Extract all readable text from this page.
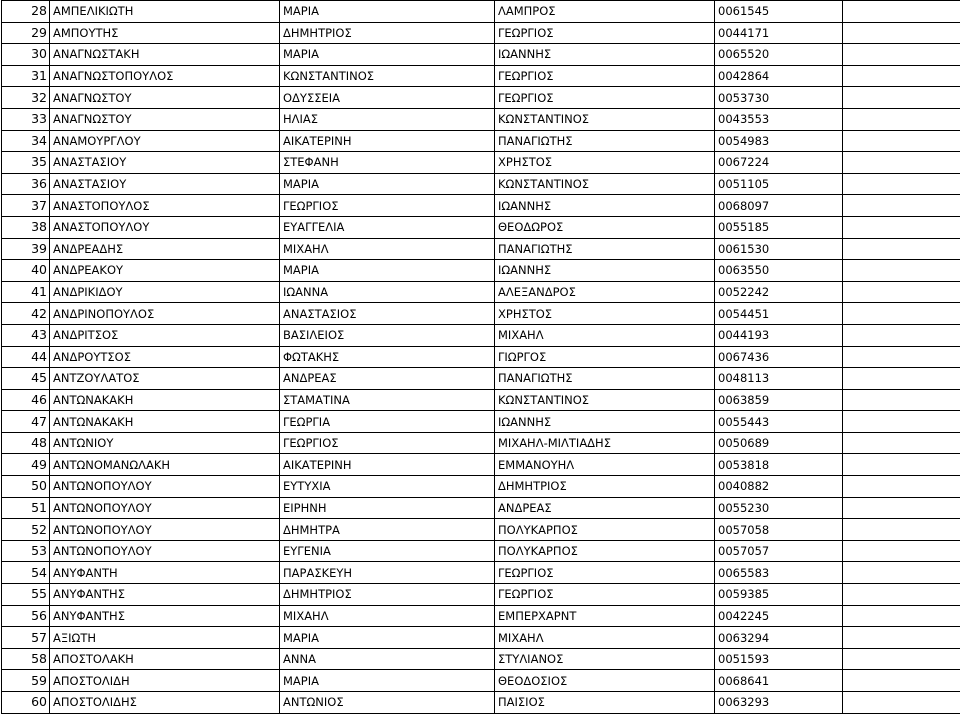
28	ΑΜΠΕΛΙΚΙΩΤΗ	ΜΑΡΙΑ	ΛΑΜΠΡΟΣ	0061545	
29	ΑΜΠΟΥΤΗΣ	ΔΗΜΗΤΡΙΟΣ	ΓΕΩΡΓΙΟΣ	0044171	
30	ΑΝΑΓΝΩΣΤΑΚΗ	ΜΑΡΙΑ	ΙΩΑΝΝΗΣ	0065520	
31	ΑΝΑΓΝΩΣΤΟΠΟΥΛΟΣ	ΚΩΝΣΤΑΝΤΙΝΟΣ	ΓΕΩΡΓΙΟΣ	0042864	
32	ΑΝΑΓΝΩΣΤΟΥ	ΟΔΥΣΣΕΙΑ	ΓΕΩΡΓΙΟΣ	0053730	
33	ΑΝΑΓΝΩΣΤΟΥ	ΗΛΙΑΣ	ΚΩΝΣΤΑΝΤΙΝΟΣ	0043553	
34	ΑΝΑΜΟΥΡΓΛΟΥ	ΑΙΚΑΤΕΡΙΝΗ	ΠΑΝΑΓΙΩΤΗΣ	0054983	
35	ΑΝΑΣΤΑΣΙΟΥ	ΣΤΕΦΑΝΗ	ΧΡΗΣΤΟΣ	0067224	
36	ΑΝΑΣΤΑΣΙΟΥ	ΜΑΡΙΑ	ΚΩΝΣΤΑΝΤΙΝΟΣ	0051105	
37	ΑΝΑΣΤΟΠΟΥΛΟΣ	ΓΕΩΡΓΙΟΣ	ΙΩΑΝΝΗΣ	0068097	
38	ΑΝΑΣΤΟΠΟΥΛΟΥ	ΕΥΑΓΓΕΛΙΑ	ΘΕΟΔΩΡΟΣ	0055185	
39	ΑΝΔΡΕΑΔΗΣ	ΜΙΧΑΗΛ	ΠΑΝΑΓΙΩΤΗΣ	0061530	
40	ΑΝΔΡΕΑΚΟΥ	ΜΑΡΙΑ	ΙΩΑΝΝΗΣ	0063550	
41	ΑΝΔΡΙΚΙΔΟΥ	ΙΩΑΝΝΑ	ΑΛΕΞΑΝΔΡΟΣ	0052242	
42	ΑΝΔΡΙΝΟΠΟΥΛΟΣ	ΑΝΑΣΤΑΣΙΟΣ	ΧΡΗΣΤΟΣ	0054451	
43	ΑΝΔΡΙΤΣΟΣ	ΒΑΣΙΛΕΙΟΣ	ΜΙΧΑΗΛ	0044193	
44	ΑΝΔΡΟΥΤΣΟΣ	ΦΩΤΑΚΗΣ	ΓΙΩΡΓΟΣ	0067436	
45	ΑΝΤΖΟΥΛΑΤΟΣ	ΑΝΔΡΕΑΣ	ΠΑΝΑΓΙΩΤΗΣ	0048113	
46	ΑΝΤΩΝΑΚΑΚΗ	ΣΤΑΜΑΤΙΝΑ	ΚΩΝΣΤΑΝΤΙΝΟΣ	0063859	
47	ΑΝΤΩΝΑΚΑΚΗ	ΓΕΩΡΓΙΑ	ΙΩΑΝΝΗΣ	0055443	
48	ΑΝΤΩΝΙΟΥ	ΓΕΩΡΓΙΟΣ	ΜΙΧΑΗΛ-ΜΙΛΤΙΑΔΗΣ	0050689	
49	ΑΝΤΩΝΟΜΑΝΩΛΑΚΗ	ΑΙΚΑΤΕΡΙΝΗ	ΕΜΜΑΝΟΥΗΛ	0053818	
50	ΑΝΤΩΝΟΠΟΥΛΟΥ	ΕΥΤΥΧΙΑ	ΔΗΜΗΤΡΙΟΣ	0040882	
51	ΑΝΤΩΝΟΠΟΥΛΟΥ	ΕΙΡΗΝΗ	ΑΝΔΡΕΑΣ	0055230	
52	ΑΝΤΩΝΟΠΟΥΛΟΥ	ΔΗΜΗΤΡΑ	ΠΟΛΥΚΑΡΠΟΣ	0057058	
53	ΑΝΤΩΝΟΠΟΥΛΟΥ	ΕΥΓΕΝΙΑ	ΠΟΛΥΚΑΡΠΟΣ	0057057	
54	ΑΝΥΦΑΝΤΗ	ΠΑΡΑΣΚΕΥΗ	ΓΕΩΡΓΙΟΣ	0065583	
55	ΑΝΥΦΑΝΤΗΣ	ΔΗΜΗΤΡΙΟΣ	ΓΕΩΡΓΙΟΣ	0059385	
56	ΑΝΥΦΑΝΤΗΣ	ΜΙΧΑΗΛ	ΕΜΠΕΡΧΑΡΝΤ	0042245	
57	ΑΞΙΩΤΗ	ΜΑΡΙΑ	ΜΙΧΑΗΛ	0063294	
58	ΑΠΟΣΤΟΛΑΚΗ	ΑΝΝΑ	ΣΤΥΛΙΑΝΟΣ	0051593	
59	ΑΠΟΣΤΟΛΙΔΗ	ΜΑΡΙΑ	ΘΕΟΔΟΣΙΟΣ	0068641	
60	ΑΠΟΣΤΟΛΙΔΗΣ	ΑΝΤΩΝΙΟΣ	ΠΑΙΣΙΟΣ	0063293	
